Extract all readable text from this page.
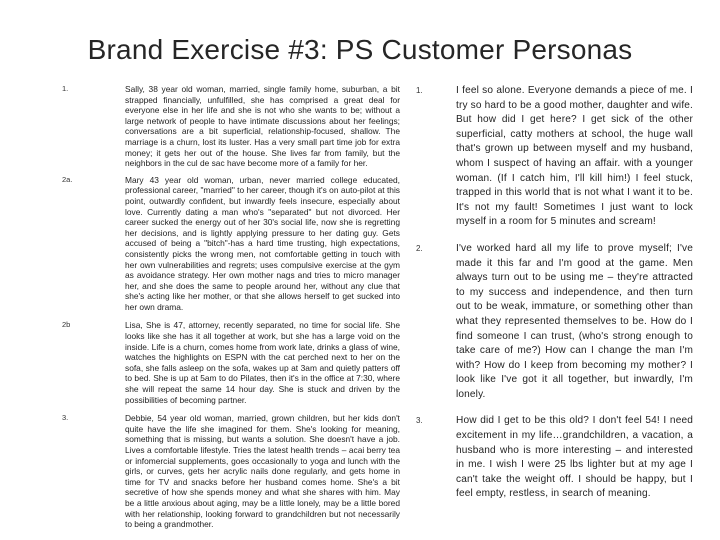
Brand Exercise #3: PS Customer Personas
1.	Sally, 38 year old woman, married, single family home, suburban, a bit strapped financially, unfulfilled, she has comprised a great deal for everyone else in her life and she is not who she wants to be; without a large network of people to have intimate discussions about her feelings; conversations are a bit superficial, relationship-focused, shallow. The marriage is a churn, lost its luster. Has a very small part time job for extra money; it gets her out of the house. She lives far from family, but the neighbors in the cul de sac have become more of a family for her.
2a.	Mary 43 year old woman, urban, never married college educated, professional career, "married" to her career, though it's on auto-pilot at this point, outwardly confident, but inwardly feels insecure, especially about love. Currently dating a man who's "separated" but not divorced. Her career sucked the energy out of her 30's social life, now she is regretting her decisions, and is lightly applying pressure to her dating guy. Gets accused of being a "bitch"-has a hard time trusting, high expectations, consistently picks the wrong men, not comfortable getting in touch with her own vulnerabilities and regrets; uses compulsive exercise at the gym as avoidance strategy. Her own mother nags and tries to micro manager her, and she does the same to people around her, without any clue that she's acting like her mother, or that she allows herself to get sucked into her own drama.
2b	Lisa, She is 47, attorney, recently separated, no time for social life. She looks like she has it all together at work, but she has a large void on the inside. Life is a churn, comes home from work late, drinks a glass of wine, watches the highlights on ESPN with the cat perched next to her on the sofa, she falls asleep on the sofa, wakes up at 3am and quietly patters off to bed. She is up at 5am to do Pilates, then it's in the office at 7:30, where she will repeat the same 14 hour day. She is stuck and driven by the possibilities of becoming partner.
3.	Debbie, 54 year old woman, married, grown children, but her kids don't quite have the life she imagined for them. She's looking for meaning, something that is missing, but wants a solution. She doesn't have a job. Lives a comfortable lifestyle. Tries the latest health trends – acai berry tea or infomercial supplements, goes occasionally to yoga and lunch with the girls, or curves, gets her acrylic nails done regularly, and gets home in time for TV and snacks before her husband comes home. She's a bit secretive of how she spends money and what she shares with him. May be a little anxious about aging, may be a little lonely, may be a little bored with her relationship, looking forward to grandchildren but not necessarily to being a grandmother.
1.	I feel so alone. Everyone demands a piece of me. I try so hard to be a good mother, daughter and wife. But how did I get here? I get sick of the other superficial, catty mothers at school, the huge wall that's grown up between myself and my husband, whom I suspect of having an affair. with a younger woman. (If I catch him, I'll kill him!) I feel stuck, trapped in this world that is not what I want it to be. It's not my fault! Sometimes I just want to lock myself in a room for 5 minutes and scream!
2.	I've worked hard all my life to prove myself; I've made it this far and I'm good at the game. Men always turn out to be using me – they're attracted to my success and independence, and then turn out to be weak, immature, or something other than what they represented themselves to be. How do I find someone I can trust, (who's strong enough to take care of me?) How can I change the man I'm with? How do I keep from becoming my mother? I look like I've got it all together, but inwardly, I'm lonely.
3.	How did I get to be this old? I don't feel 54! I need excitement in my life…grandchildren, a vacation, a husband who is more interesting – and interested in me. I wish I were 25 lbs lighter but at my age I can't take the weight off. I should be happy, but I feel empty, restless, in search of meaning.
